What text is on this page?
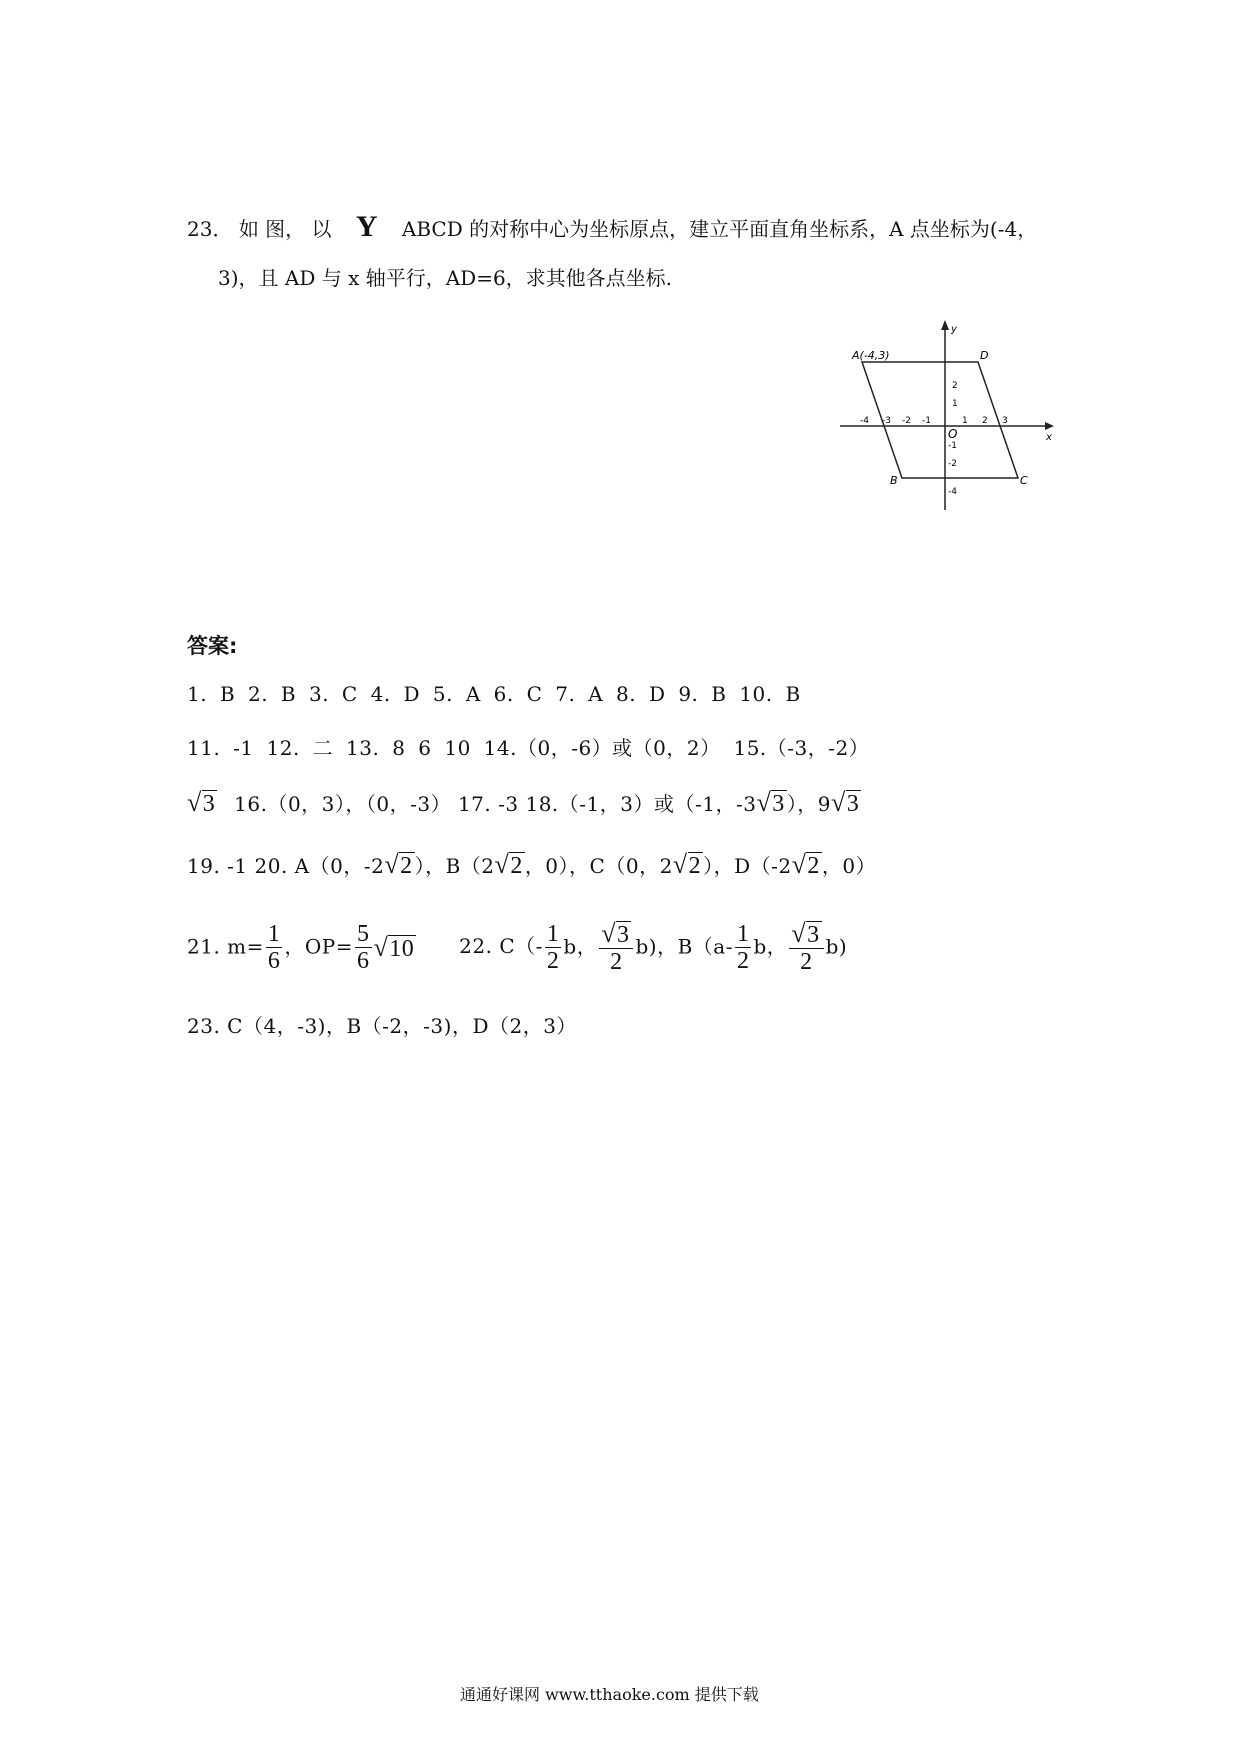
23． 如 图， 以 Y ABCD 的对称中心为坐标原点，建立平面直角坐标系，A 点坐标为(-4，
3)，且 AD 与 x 轴平行，AD=6，求其他各点坐标.
A(-4,3)	D
B	C
O	x
y
-4 -3 -2 -1	1 2 3
2
1
-1
-2
-4
答案:
1. B 2. B 3. C 4. D 5. A 6. C 7. A 8. D 9. B 10. B
11. -1 12. 二 13. 8 6 10 14.（0，-6）或（0，2） 15.（-3，-2）
√3 16.（0，3），（0，-3） 17. -3 18.（-1，3）或（-1，-3√3 ），9√3
19. -1 20. A（0，-2√2 ），B（2√2 ，0），C（0，2√2 ），D（-2√2 ，0）
21. $m= \frac{1}{6}$ ，$OP= \frac{5}{6} √10$ 22. $C(- \frac{1}{2}$ b， $\frac{√3}{2} b$)，$B(a- \frac{1}{2}$ b， $\frac{√3}{2} b$)
23. C（4，-3)，B（-2，-3)，D（2，3）
通通好课网 www.tthaoke.com 提供下载
